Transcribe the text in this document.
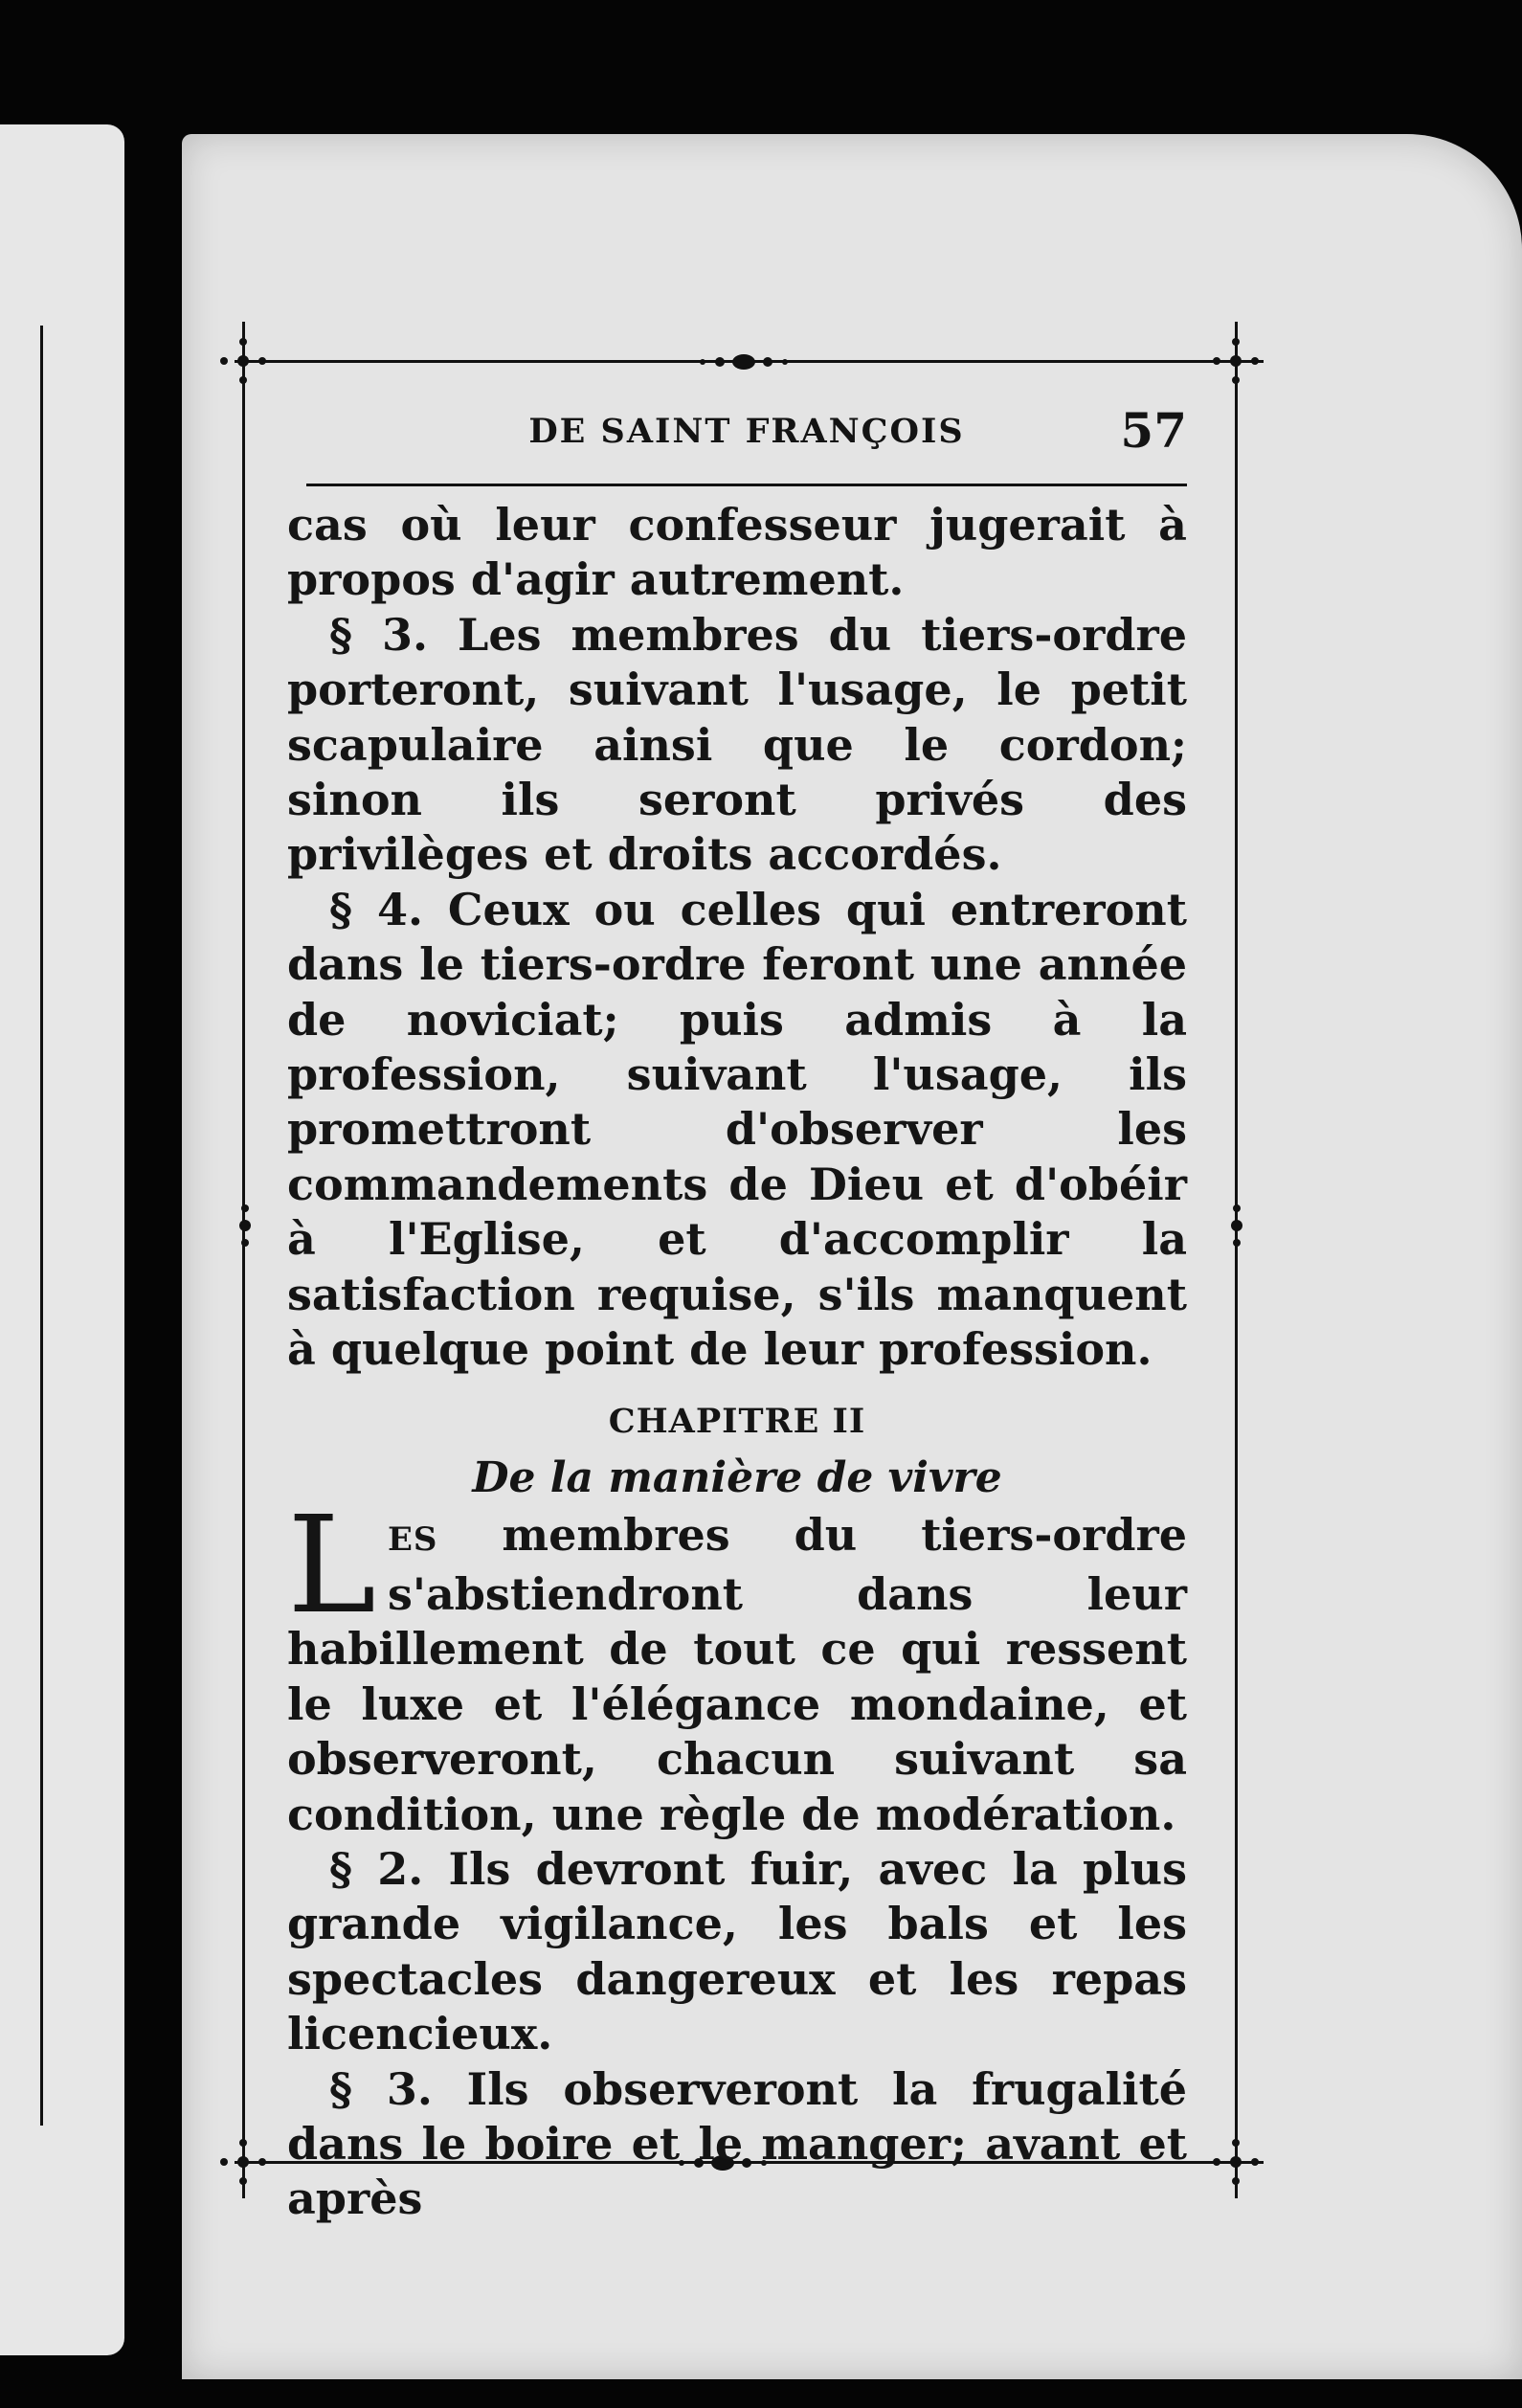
DE SAINT FRANÇOIS	57

cas où leur confesseur jugerait à propos d'agir autrement.

§ 3. Les membres du tiers-ordre porteront, suivant l'usage, le petit scapulaire ainsi que le cordon; sinon ils seront privés des privilèges et droits accordés.

§ 4. Ceux ou celles qui entreront dans le tiers-ordre feront une année de noviciat; puis admis à la profession, suivant l'usage, ils promettront d'observer les commandements de Dieu et d'obéir à l'Eglise, et d'accomplir la satisfaction requise, s'ils manquent à quelque point de leur profession.

CHAPITRE II
De la manière de vivre

LES membres du tiers-ordre s'abstiendront dans leur habillement de tout ce qui ressent le luxe et l'élégance mondaine, et observeront, chacun suivant sa condition, une règle de modération.

§ 2. Ils devront fuir, avec la plus grande vigilance, les bals et les spectacles dangereux et les repas licencieux.

§ 3. Ils observeront la frugalité dans le boire et le manger; avant et après
